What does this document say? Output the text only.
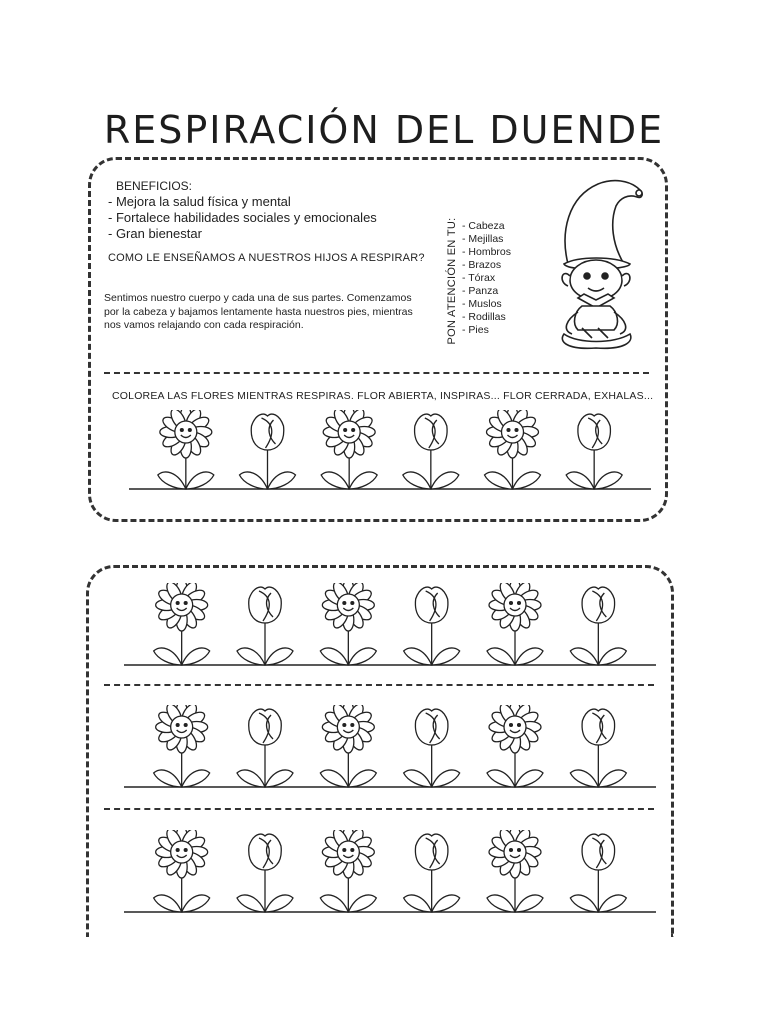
RESPIRACIÓN DEL DUENDE
BENEFICIOS:
- Mejora la salud física y mental
- Fortalece habilidades sociales y emocionales
- Gran bienestar
COMO LE ENSEÑAMOS A NUESTROS HIJOS A RESPIRAR?
Sentimos nuestro cuerpo y cada una de sus partes. Comenzamos por la cabeza y bajamos lentamente hasta nuestros pies, mientras nos vamos relajando con cada respiración.	PON ATENCIÓN EN TU: - Cabeza
- Mejillas
- Hombros
- Brazos
- Tórax
- Panza
- Muslos
- Rodillas
- Pies
COLOREA LAS FLORES MIENTRAS RESPIRAS. FLOR ABIERTA, INSPIRAS... FLOR CERRADA, EXHALAS...
